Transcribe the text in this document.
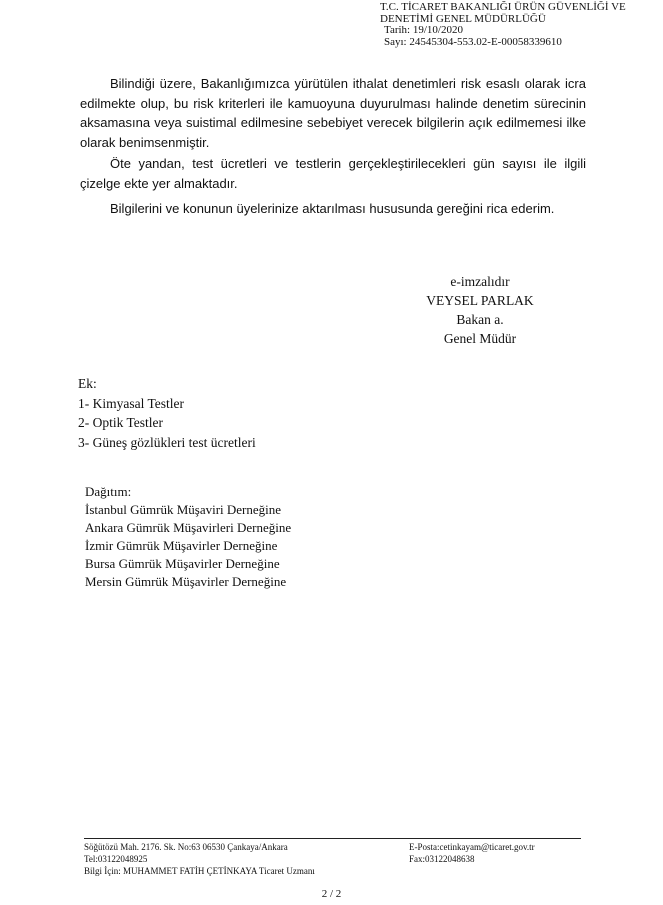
T.C. TİCARET BAKANLIĞI ÜRÜN GÜVENLİĞİ VE
DENETİMİ GENEL MÜDÜRLÜĞÜ
Tarih: 19/10/2020
Sayı: 24545304-553.02-E-00058339610
Bilindiği üzere, Bakanlığımızca yürütülen ithalat denetimleri risk esaslı olarak icra edilmekte olup, bu risk kriterleri ile kamuoyuna duyurulması halinde denetim sürecinin aksamasına veya suistimal edilmesine sebebiyet verecek bilgilerin açık edilmemesi ilke olarak benimsenmiştir.
Öte yandan, test ücretleri ve testlerin gerçekleştirilecekleri gün sayısı ile ilgili çizelge ekte yer almaktadır.
Bilgilerini ve konunun üyelerinize aktarılması hususunda gereğini rica ederim.
e-imzalıdır
VEYSEL PARLAK
Bakan a.
Genel Müdür
Ek:
1- Kimyasal Testler
2- Optik Testler
3- Güneş gözlükleri test ücretleri
Dağıtım:
İstanbul Gümrük Müşaviri Derneğine
Ankara Gümrük Müşavirleri Derneğine
İzmir Gümrük Müşavirler Derneğine
Bursa Gümrük Müşavirler Derneğine
Mersin Gümrük Müşavirler Derneğine
Söğütözü Mah. 2176. Sk. No:63 06530 Çankaya/Ankara	E-Posta:cetinkayam@ticaret.gov.tr
Tel:03122048925	Fax:03122048638
Bilgi İçin: MUHAMMET FATİH ÇETİNKAYA Ticaret Uzmanı
2 / 2
